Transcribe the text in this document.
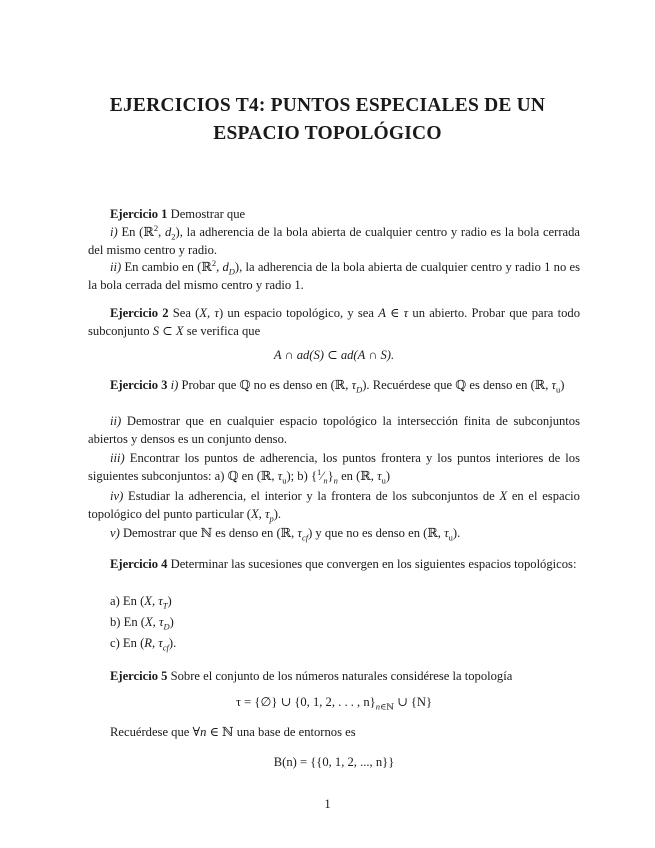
EJERCICIOS T4: PUNTOS ESPECIALES DE UN
ESPACIO TOPOLÓGICO
Ejercicio 1 Demostrar que
i) En (ℝ$^2$, $d_2$), la adherencia de la bola abierta de cualquier centro y radio es la bola cerrada del mismo centro y radio.
ii) En cambio en (ℝ$^2$, $d_D$), la adherencia de la bola abierta de cualquier centro y radio 1 no es la bola cerrada del mismo centro y radio 1.
Ejercicio 2 Sea (X, τ) un espacio topológico, y sea A ∈ τ un abierto. Probar que para todo subconjunto S ⊂ X se verifica que
A ∩ ad(S) ⊂ ad(A ∩ S).
Ejercicio 3 i) Probar que ℚ no es denso en (ℝ, $\tau_D$). Recuérdese que ℚ es denso en (ℝ, $\tau_u$)
ii) Demostrar que en cualquier espacio topológico la intersección finita de subconjuntos abiertos y densos es un conjunto denso.
iii) Encontrar los puntos de adherencia, los puntos frontera y los puntos interiores de los siguientes subconjuntos: a) ℚ en (ℝ, $\tau_u$); b) $\{^1⁄_n\}_n$ en (ℝ, $\tau_u$)
iv) Estudiar la adherencia, el interior y la frontera de los subconjuntos de X en el espacio topológico del punto particular (X, $\tau_p$).
v) Demostrar que ℕ es denso en (ℝ, $\tau_{cf}$) y que no es denso en (ℝ, $\tau_u$).
Ejercicio 4 Determinar las sucesiones que convergen en los siguientes espacios topológicos:
a) En (X, $\tau_T$)
b) En (X, $\tau_D$)
c) En (R, $\tau_{cf}$).
Ejercicio 5 Sobre el conjunto de los números naturales considérese la topología
τ = {∅} ∪ {0, 1, 2, . . . , $n\}_{n\in ℕ}$ ∪ {N}
Recuérdese que ∀n ∈ ℕ una base de entornos es
B(n) = {{0, 1, 2, ..., n}}
1
